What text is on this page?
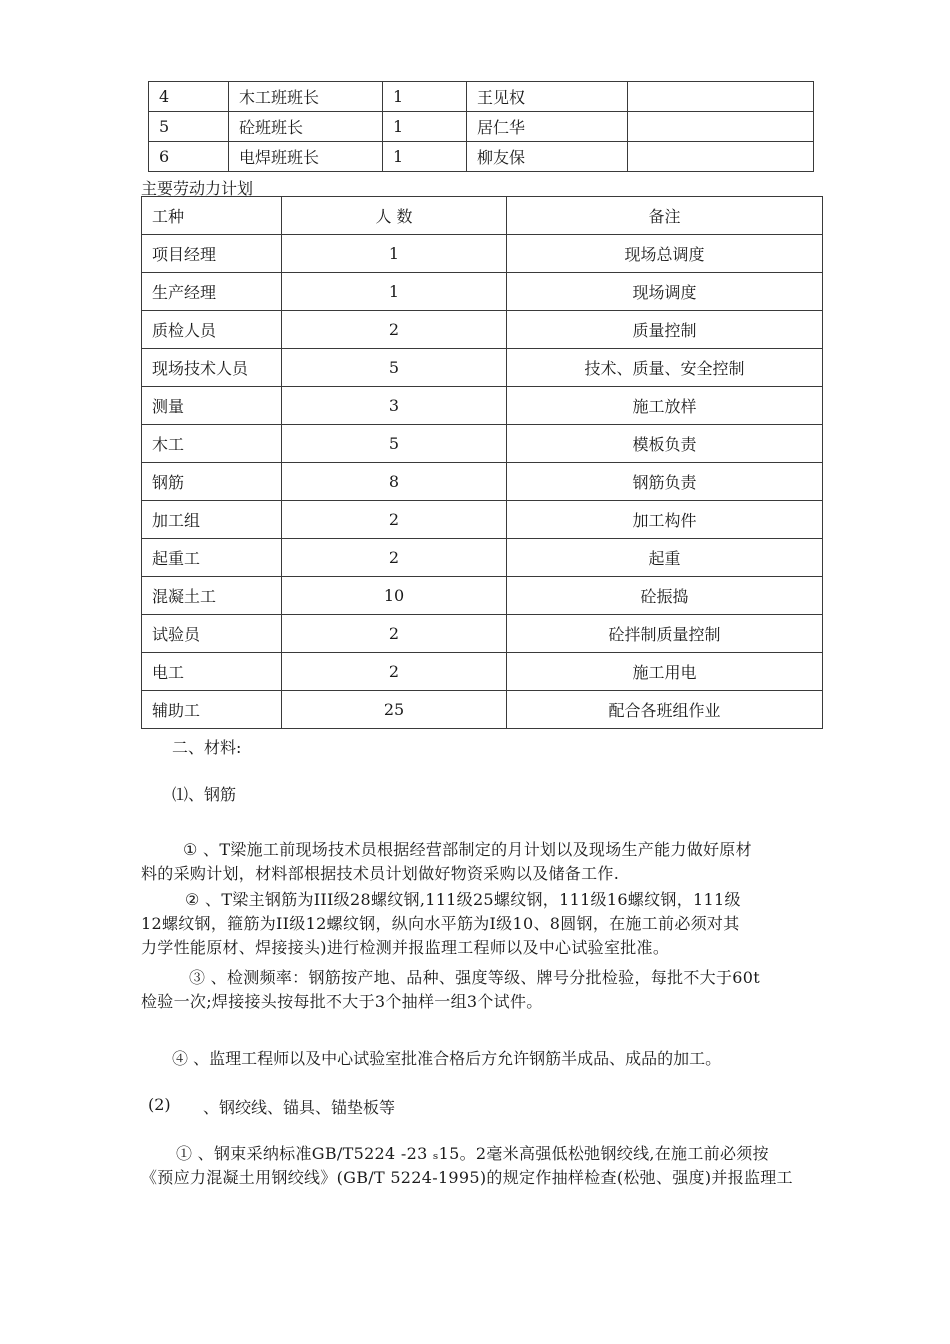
4	木工班班长	1	王见权	
5	砼班班长	1	居仁华	
6	电焊班班长	1	柳友保	
主要劳动力计划
工种	人 数	备注
项目经理	1	现场总调度
生产经理	1	现场调度
质检人员	2	质量控制
现场技术人员	5	技术、质量、安全控制
测量	3	施工放样
木工	5	模板负责
钢筋	8	钢筋负责
加工组	2	加工构件
起重工	2	起重
混凝土工	10	砼振捣
试验员	2	砼拌制质量控制
电工	2	施工用电
辅助工	25	配合各班组作业
二、材料:
⑴、钢筋
① 、T梁施工前现场技术员根据经营部制定的月计划以及现场生产能力做好原材
料的采购计划，材料部根据技术员计划做好物资采购以及储备工作.
② 、T梁主钢筋为III级28螺纹钢,111级25螺纹钢，111级16螺纹钢，111级
12螺纹钢，箍筋为II级12螺纹钢，纵向水平筋为I级10、8圆钢，在施工前必须对其
力学性能原材、焊接接头)进行检测并报监理工程师以及中心试验室批准。
③ 、检测频率：钢筋按产地、品种、强度等级、牌号分批检验，每批不大于60t
检验一次;焊接接头按每批不大于3个抽样一组3个试件。
④ 、监理工程师以及中心试验室批准合格后方允许钢筋半成品、成品的加工。
(2) 、钢绞线、锚具、锚垫板等
① 、钢束采纳标准GB/T5224 -23 ₛ15。2毫米高强低松弛钢绞线,在施工前必须按
《预应力混凝土用钢绞线》(GB/T 5224-1995)的规定作抽样检查(松弛、强度)并报监理工
